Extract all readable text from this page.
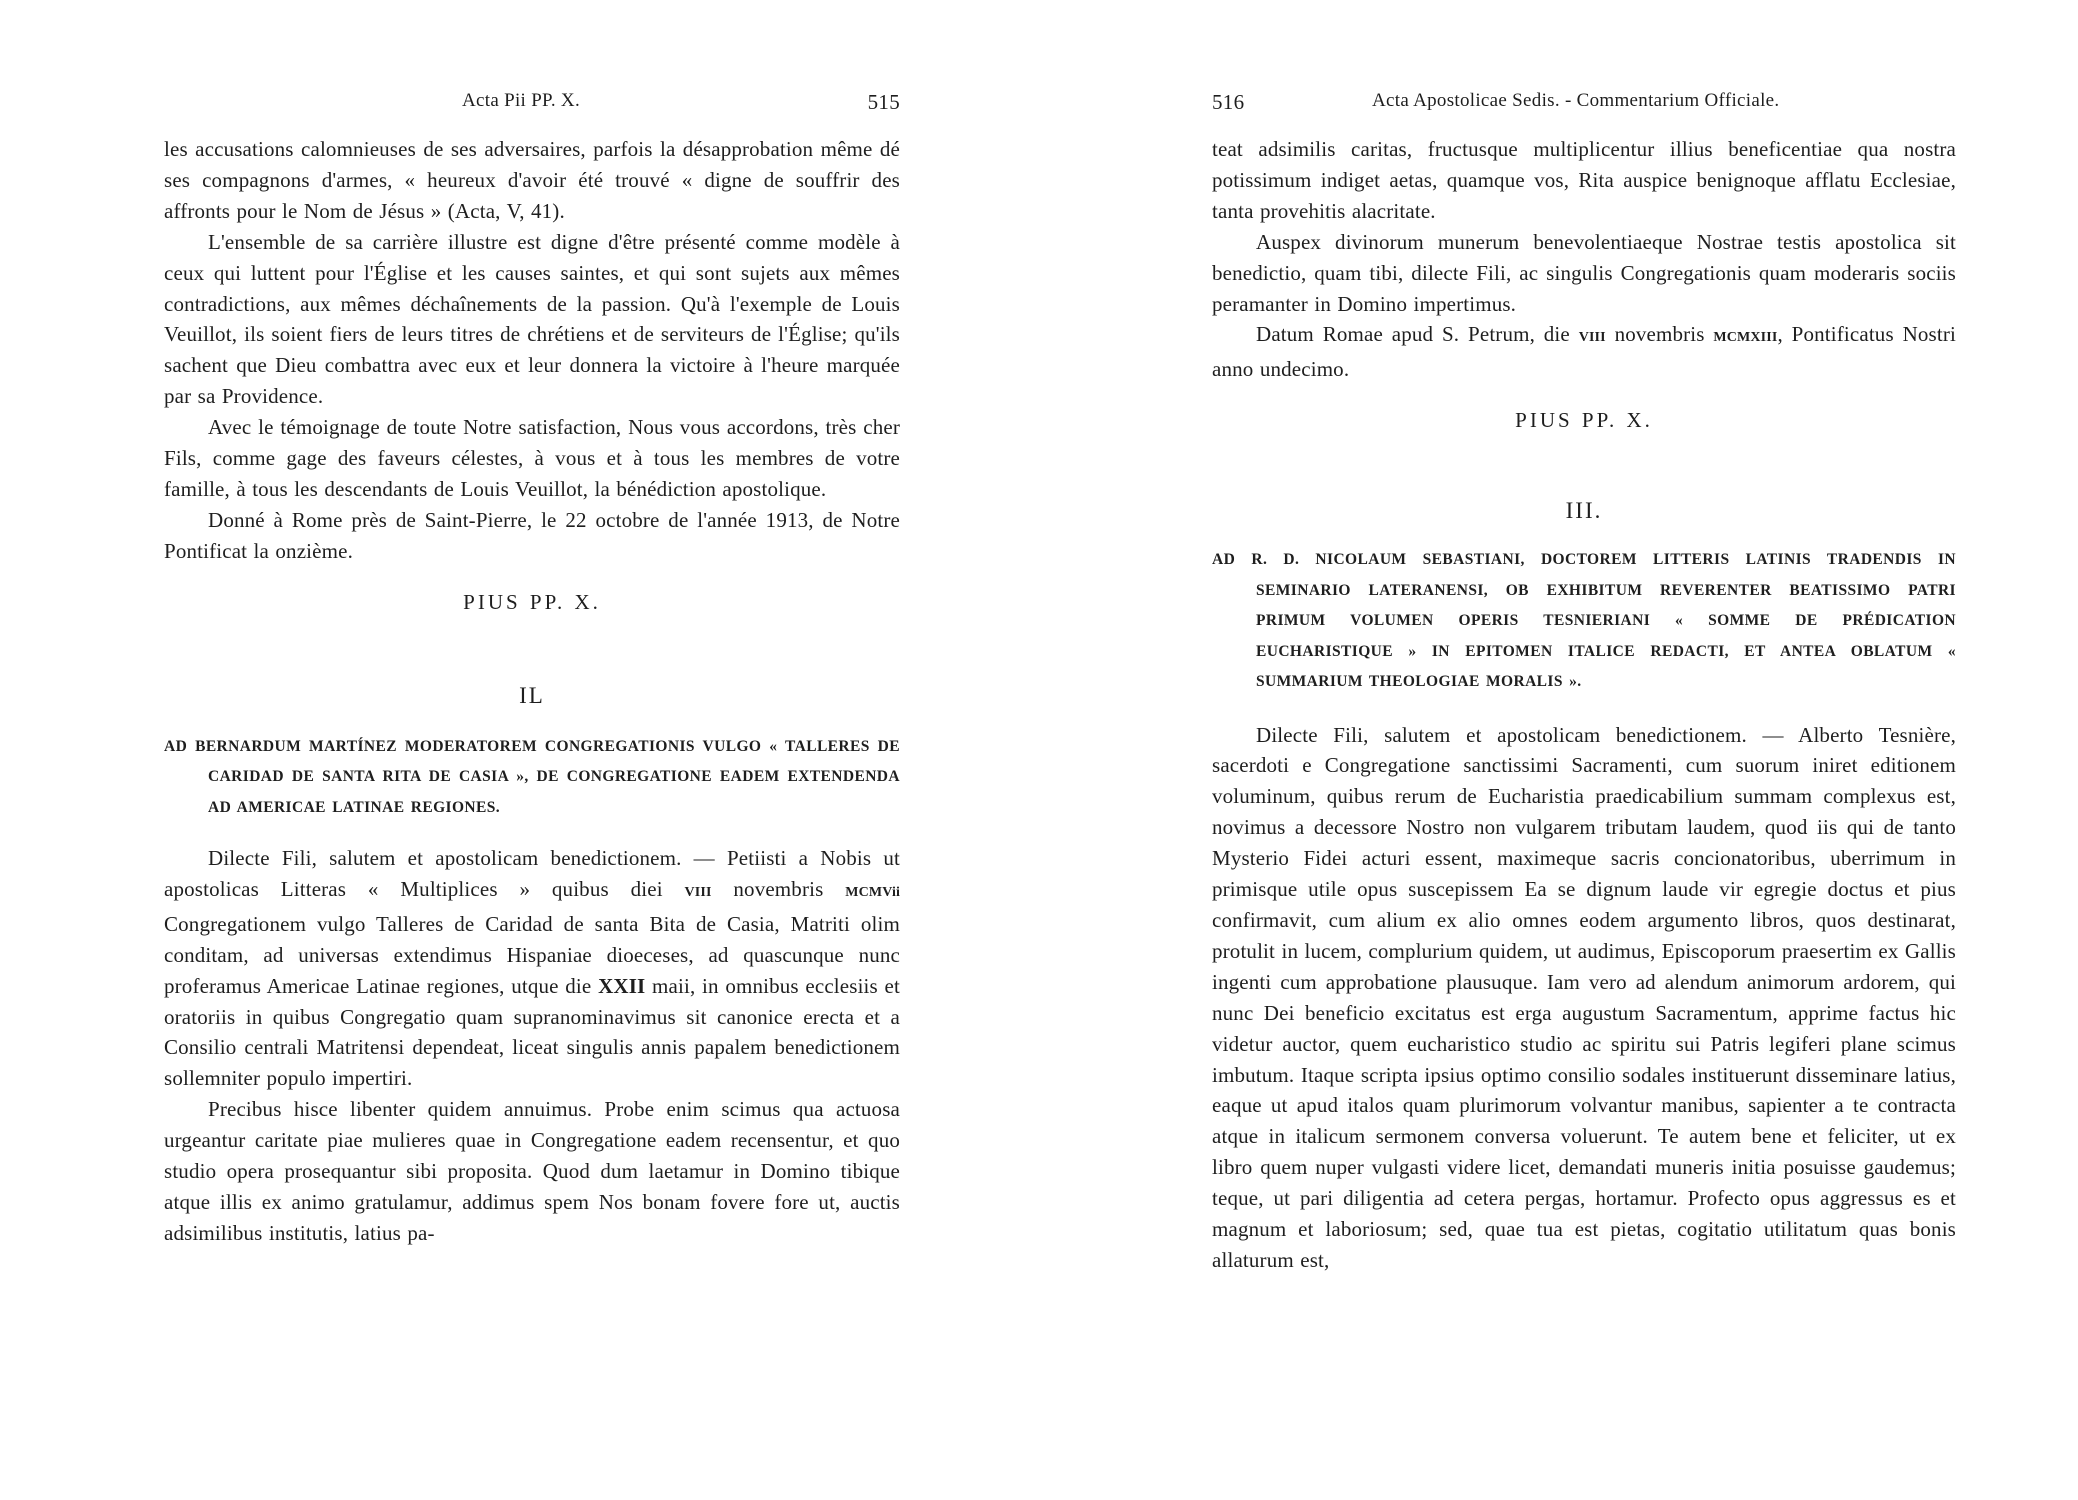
Acta Pii PP. X.	515

les accusations calomnieuses de ses adversaires, parfois la désapprobation même dé ses compagnons d'armes, « heureux d'avoir été trouvé « digne de souffrir des affronts pour le Nom de Jésus » (Acta, V, 41).

L'ensemble de sa carrière illustre est digne d'être présenté comme modèle à ceux qui luttent pour l'Église et les causes saintes, et qui sont sujets aux mêmes contradictions, aux mêmes déchaînements de la passion. Qu'à l'exemple de Louis Veuillot, ils soient fiers de leurs titres de chrétiens et de serviteurs de l'Église; qu'ils sachent que Dieu combattra avec eux et leur donnera la victoire à l'heure marquée par sa Providence.

Avec le témoignage de toute Notre satisfaction, Nous vous accordons, très cher Fils, comme gage des faveurs célestes, à vous et à tous les membres de votre famille, à tous les descendants de Louis Veuillot, la bénédiction apostolique.

Donné à Rome près de Saint-Pierre, le 22 octobre de l'année 1913, de Notre Pontificat la onzième.

PIUS PP. X.

IL

AD BERNARDUM MARTÍNEZ MODERATOREM CONGREGATIONIS VULGO « TALLERES DE CARIDAD DE SANTA RITA DE CASIA », DE CONGREGATIONE EADEM EXTENDENDA AD AMERICAE LATINAE REGIONES.

Dilecte Fili, salutem et apostolicam benedictionem. — Petiisti a Nobis ut apostolicas Litteras « Multiplices » quibus diei VIII novembris MCMVii Congregationem vulgo Talleres de Caridad de santa Bita de Casia, Matriti olim conditam, ad universas extendimus Hispaniae dioeceses, ad quascunque nunc proferamus Americae Latinae regiones, utque die XXII maii, in omnibus ecclesiis et oratoriis in quibus Congregatio quam supranominavimus sit canonice erecta et a Consilio centrali Matritensi dependeat, liceat singulis annis papalem benedictionem sollemniter populo impertiri.

Precibus hisce libenter quidem annuimus. Probe enim scimus qua actuosa urgeantur caritate piae mulieres quae in Congregatione eadem recensentur, et quo studio opera prosequantur sibi proposita. Quod dum laetamur in Domino tibique atque illis ex animo gratulamur, addimus spem Nos bonam fovere fore ut, auctis adsimilibus institutis, latius pa-

516	Acta Apostolicae Sedis. - Commentarium Officiale.

teat adsimilis caritas, fructusque multiplicentur illius beneficentiae qua nostra potissimum indiget aetas, quamque vos, Rita auspice benignoque afflatu Ecclesiae, tanta provehitis alacritate.

Auspex divinorum munerum benevolentiaeque Nostrae testis apostolica sit benedictio, quam tibi, dilecte Fili, ac singulis Congregationis quam moderaris sociis peramanter in Domino impertimus.

Datum Romae apud S. Petrum, die VIII novembris MCMXIII, Pontificatus Nostri anno undecimo.

PIUS PP. X.

III.

AD R. D. NICOLAUM SEBASTIANI, DOCTOREM LITTERIS LATINIS TRADENDIS IN SEMINARIO LATERANENSI, OB EXHIBITUM REVERENTER BEATISSIMO PATRI PRIMUM VOLUMEN OPERIS TESNIERIANI « SOMME DE PRÉDICATION EUCHARISTIQUE » IN EPITOMEN ITALICE REDACTI, ET ANTEA OBLATUM « SUMMARIUM THEOLOGIAE MORALIS ».

Dilecte Fili, salutem et apostolicam benedictionem. — Alberto Tesnière, sacerdoti e Congregatione sanctissimi Sacramenti, cum suorum iniret editionem voluminum, quibus rerum de Eucharistia praedicabilium summam complexus est, novimus a decessore Nostro non vulgarem tributam laudem, quod iis qui de tanto Mysterio Fidei acturi essent, maximeque sacris concionatoribus, uberrimum in primisque utile opus suscepissem Ea se dignum laude vir egregie doctus et pius confirmavit, cum alium ex alio omnes eodem argumento libros, quos destinarat, protulit in lucem, complurium quidem, ut audimus, Episcoporum praesertim ex Gallis ingenti cum approbatione plausuque. Iam vero ad alendum animorum ardorem, qui nunc Dei beneficio excitatus est erga augustum Sacramentum, apprime factus hic videtur auctor, quem eucharistico studio ac spiritu sui Patris legiferi plane scimus imbutum. Itaque scripta ipsius optimo consilio sodales instituerunt disseminare latius, eaque ut apud italos quam plurimorum volvantur manibus, sapienter a te contracta atque in italicum sermonem conversa voluerunt. Te autem bene et feliciter, ut ex libro quem nuper vulgasti videre licet, demandati muneris initia posuisse gaudemus; teque, ut pari diligentia ad cetera pergas, hortamur. Profecto opus aggressus es et magnum et laboriosum; sed, quae tua est pietas, cogitatio utilitatum quas bonis allaturum est,
